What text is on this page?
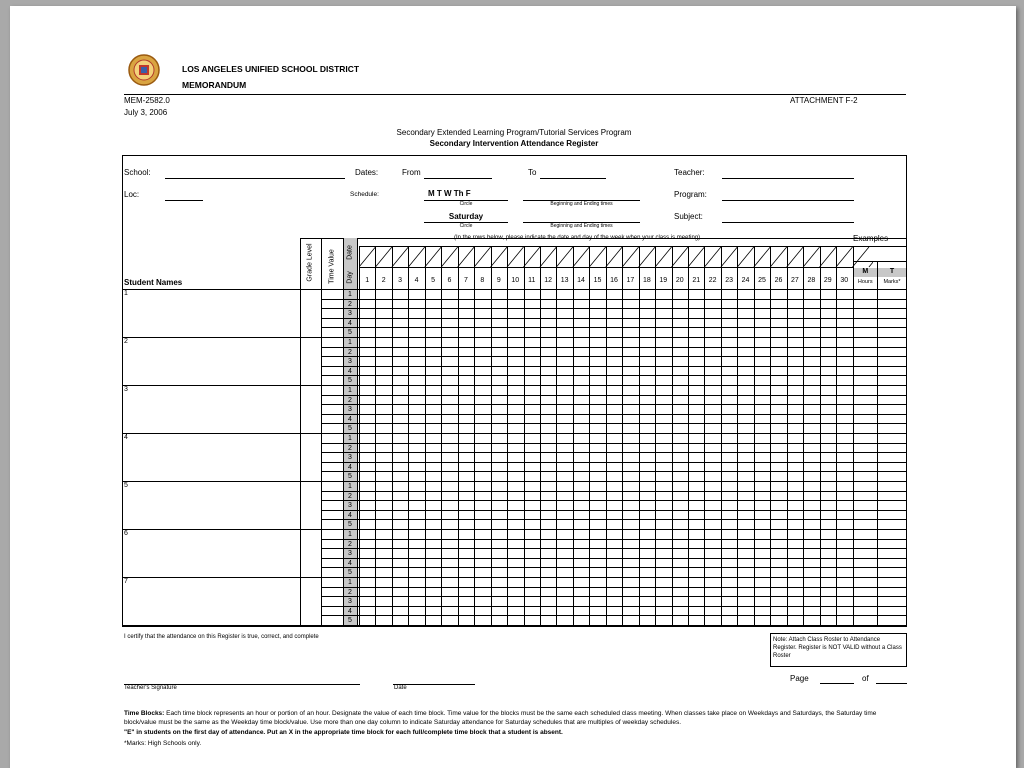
LOS ANGELES UNIFIED SCHOOL DISTRICT
MEMORANDUM
MEM-2582.0
July 3, 2006
ATTACHMENT F-2
Secondary Extended Learning Program/Tutorial Services Program
Secondary Intervention Attendance Register
School:
Loc:
Dates:	From	To
Schedule:	M T W Th F
Circle	Beginning and Ending times
Saturday
Circle	Beginning and Ending times
Teacher:
Program:
Subject:
Student Names	1	2	3	4	5	6	7	8	9	10	11	12	13	14	15	16	17	18	19	20	21	22	23	24	25	26	27	28	29	30
M	T
Hours	Marks*
Grade Level Time Value Date
Day
1	1
2
3
4
5
2	1
2
3
4
5
3	1
2
3
4
5
4	1
2
3
4
5
5	1
2
3
4
5
6	1
2
3
4
5
7	1
2
3
4
5
I certify that the attendance on this Register is true, correct, and complete	Note: Attach Class Roster to Attendance Register. Register is NOT VALID without a Class Roster
Teacher's Signature	Date
Page	of
Time Blocks: Each time block represents an hour or portion of an hour. Designate the value of each time block. Time value for the blocks must be the same each scheduled class meeting. When classes take place on Weekdays and Saturdays, the Saturday time block/value must be the same as the Weekday time block/value. Use more than one day column to indicate Saturday attendance for Saturday schedules that are multiples of weekday schedules.
"E" in students on the first day of attendance. Put an X in the appropriate time block for each full/complete time block that a student is absent.
*Marks: High Schools only.
